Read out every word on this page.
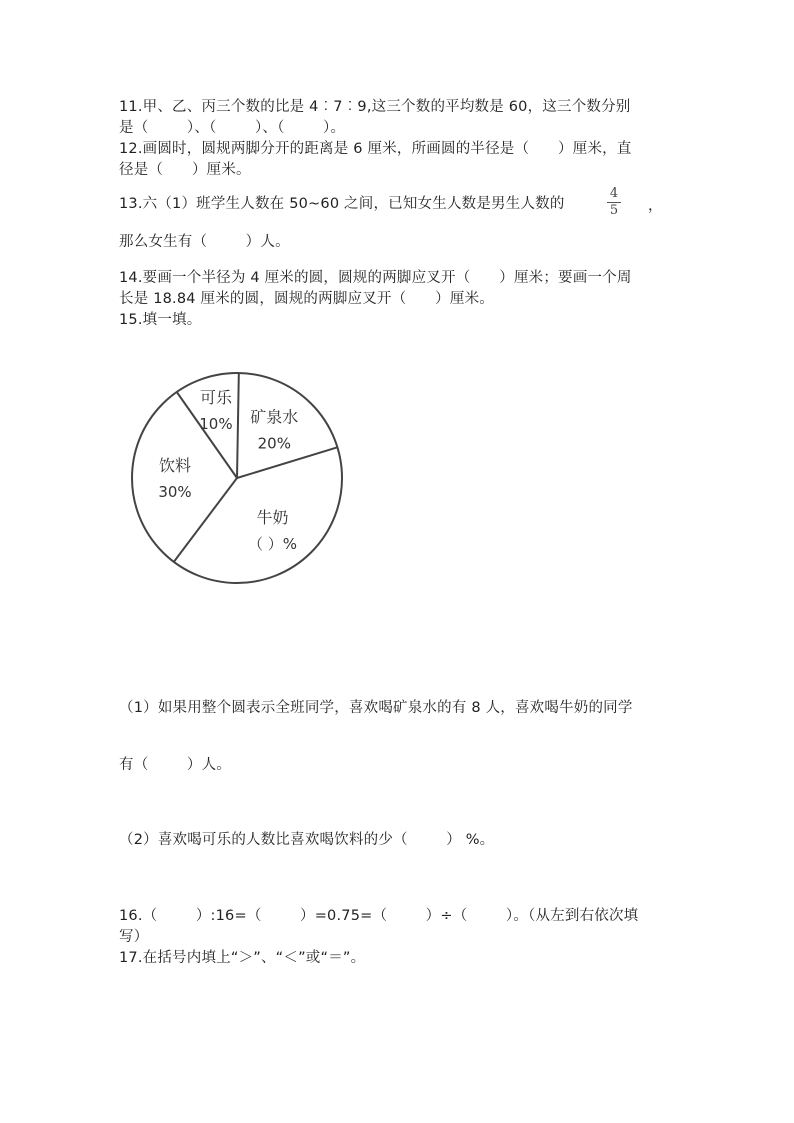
11.甲、乙、丙三个数的比是 4︰7︰9,这三个数的平均数是 60，这三个数分别
是（        ）、（        ）、（        ）。
12.画圆时，圆规两脚分开的距离是 6 厘米，所画圆的半径是（      ）厘米，直
径是（      ）厘米。
13.六（1）班学生人数在 50~60 之间，已知女生人数是男生人数的
4
5	，
那么女生有（        ）人。
14.要画一个半径为 4 厘米的圆，圆规的两脚应叉开（      ）厘米；要画一个周
长是 18.84 厘米的圆，圆规的两脚应叉开（      ）厘米。
15.填一填。
可乐
10% 矿泉水
20%
牛奶
（ ）%
饮料
30%
（1）如果用整个圆表示全班同学，喜欢喝矿泉水的有 8 人，喜欢喝牛奶的同学
有（        ）人。
（2）喜欢喝可乐的人数比喜欢喝饮料的少（        ） %。
16.（        ）:16=（        ）=0.75=（        ）÷（        ）。（从左到右依次填
写）
17.在括号内填上“＞”、“＜”或“＝”。
